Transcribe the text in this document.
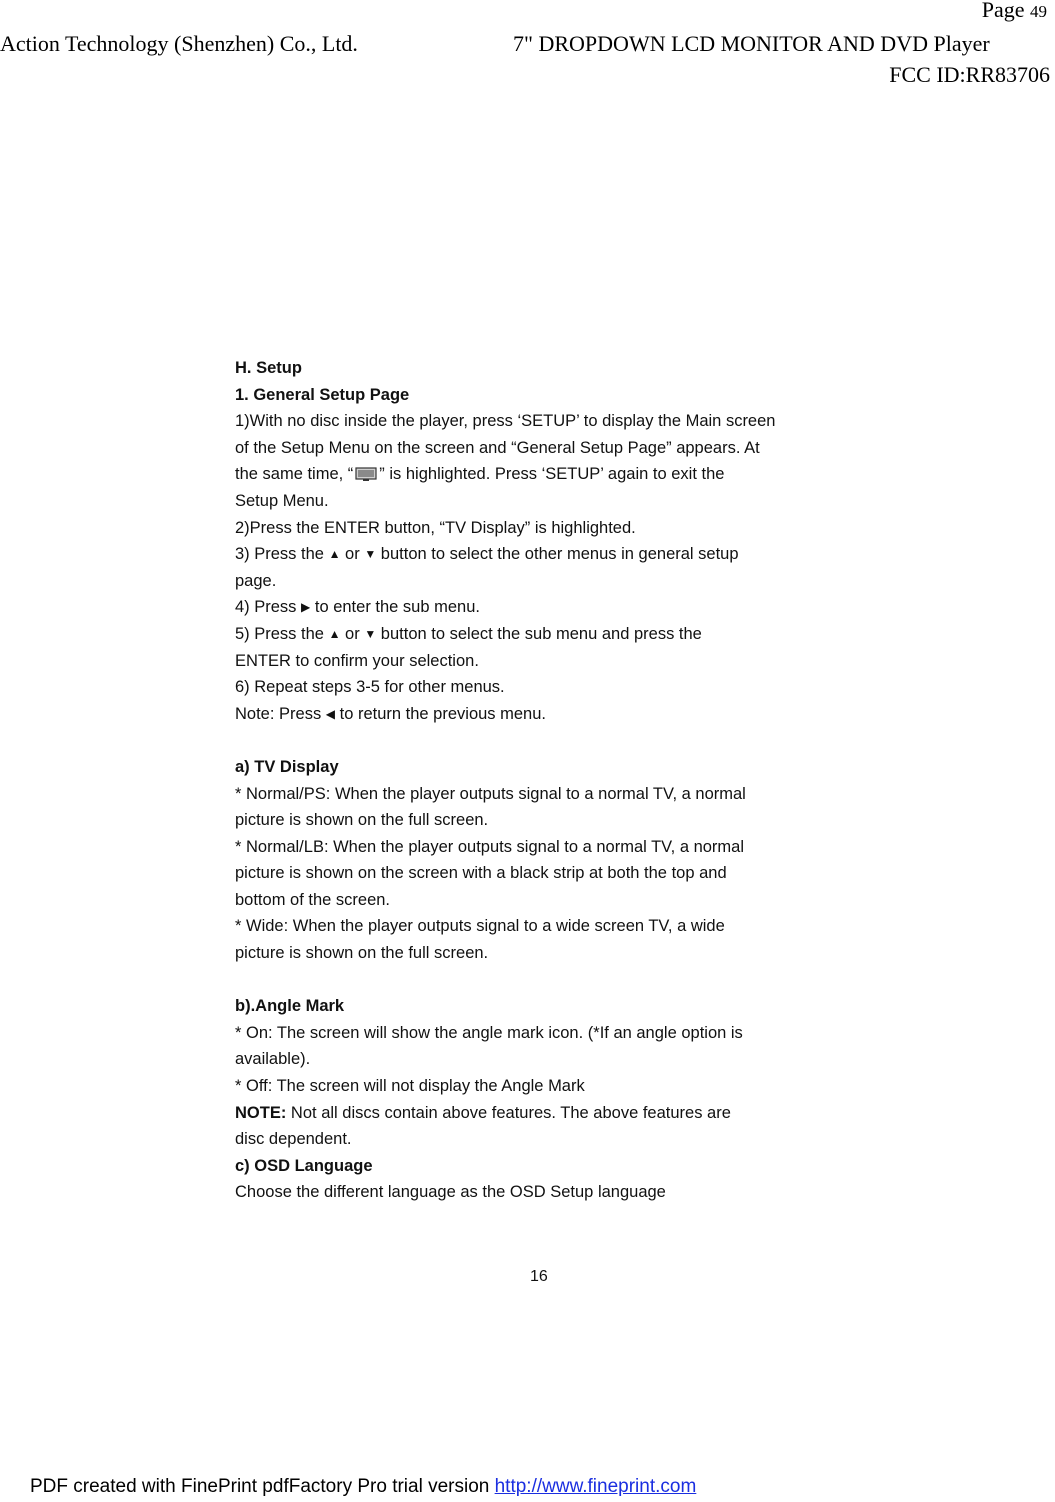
Page 49
Action Technology (Shenzhen) Co., Ltd.	7" DROPDOWN LCD MONITOR AND DVD Player
FCC ID:RR83706
H. Setup
1. General Setup Page
1)With no disc inside the player, press ‘SETUP’ to display the Main screen
of the Setup Menu on the screen and “General Setup Page” appears. At
the same time, “ ” is highlighted. Press ‘SETUP’ again to exit the
Setup Menu.
2)Press the ENTER button, “TV Display” is highlighted.
3) Press the ▲ or ▼ button to select the other menus in general setup
page.
4) Press ▶ to enter the sub menu.
5) Press the ▲ or ▼ button to select the sub menu and press the
ENTER to confirm your selection.
6) Repeat steps 3-5 for other menus.
Note: Press ◀ to return the previous menu.
a) TV Display
* Normal/PS: When the player outputs signal to a normal TV, a normal
picture is shown on the full screen.
* Normal/LB: When the player outputs signal to a normal TV, a normal
picture is shown on the screen with a black strip at both the top and
bottom of the screen.
* Wide: When the player outputs signal to a wide screen TV, a wide
picture is shown on the full screen.
b).Angle Mark
* On: The screen will show the angle mark icon. (*If an angle option is
available).
* Off: The screen will not display the Angle Mark
NOTE: Not all discs contain above features. The above features are
disc dependent.
c) OSD Language
Choose the different language as the OSD Setup language
16
PDF created with FinePrint pdfFactory Pro trial version http://www.fineprint.com
